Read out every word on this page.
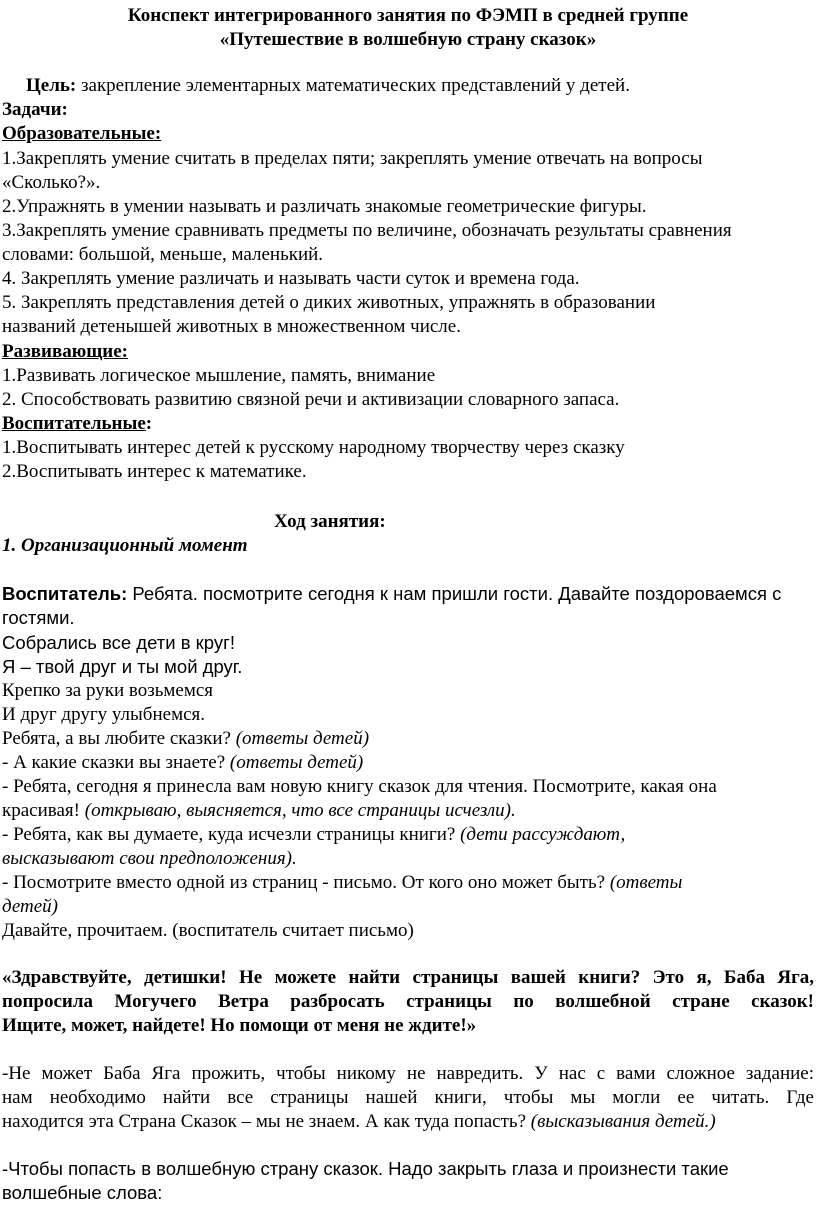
Конспект интегрированного занятия по ФЭМП в средней группе
«Путешествие в волшебную страну сказок»
Цель: закрепление элементарных математических представлений у детей.
Задачи:
Образовательные:
1.Закреплять умение считать в пределах пяти; закреплять умение отвечать на вопросы
«Сколько?».
2.Упражнять в умении называть и различать знакомые геометрические фигуры.
3.Закреплять умение сравнивать предметы по величине, обозначать результаты сравнения
словами: большой, меньше, маленький.
4. Закреплять умение различать и называть части суток и времена года.
5. Закреплять представления детей о диких животных, упражнять в образовании
названий детенышей животных в множественном числе.
Развивающие:
1.Развивать логическое мышление, память, внимание
2. Способствовать развитию связной речи и активизации словарного запаса.
Воспитательные:
1.Воспитывать интерес детей к русскому народному творчеству через сказку
2.Воспитывать интерес к математике.
Ход занятия:
1. Организационный момент
Воспитатель: Ребята. посмотрите сегодня к нам пришли гости. Давайте поздороваемся с
гостями.
Собрались все дети в круг!
Я – твой друг и ты мой друг.
Крепко за руки возьмемся
И друг другу улыбнемся.
Ребята, а вы любите сказки? (ответы детей)
- А какие сказки вы знаете? (ответы детей)
- Ребята, сегодня я принесла вам новую книгу сказок для чтения. Посмотрите, какая она
красивая! (открываю, выясняется, что все страницы исчезли).
- Ребята, как вы думаете, куда исчезли страницы книги? (дети рассуждают,
высказывают свои предположения).
- Посмотрите вместо одной из страниц - письмо. От кого оно может быть? (ответы
детей)
Давайте, прочитаем. (воспитатель считает письмо)
«Здравствуйте, детишки! Не можете найти страницы вашей книги? Это я, Баба Яга,
попросила Могучего Ветра разбросать страницы по волшебной стране сказок!
Ищите, может, найдете! Но помощи от меня не ждите!»
-Не может Баба Яга прожить, чтобы никому не навредить. У нас с вами сложное задание:
нам необходимо найти все страницы нашей книги, чтобы мы могли ее читать. Где
находится эта Страна Сказок – мы не знаем. А как туда попасть? (высказывания детей.)
-Чтобы попасть в волшебную страну сказок. Надо закрыть глаза и произнести такие
волшебные слова:
